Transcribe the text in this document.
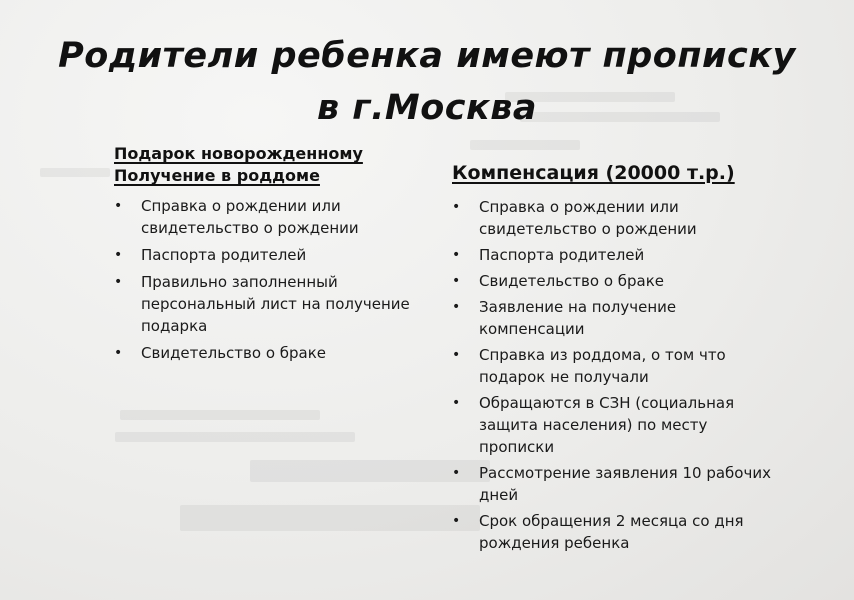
Родители ребенка имеют прописку
в г.Москва
Подарок новорожденному
Получение в роддоме
• Справка о рождении или свидетельство о рождении
• Паспорта родителей
• Правильно заполненный персональный лист на получение подарка
• Свидетельство о браке
Компенсация (20000 т.р.)
• Справка о рождении или свидетельство о рождении
• Паспорта родителей
• Свидетельство о браке
• Заявление на получение компенсации
• Справка из роддома, о том что подарок не получали
• Обращаются в СЗН (социальная защита населения) по месту прописки
• Рассмотрение заявления 10 рабочих дней
• Срок обращения 2 месяца со дня рождения ребенка
